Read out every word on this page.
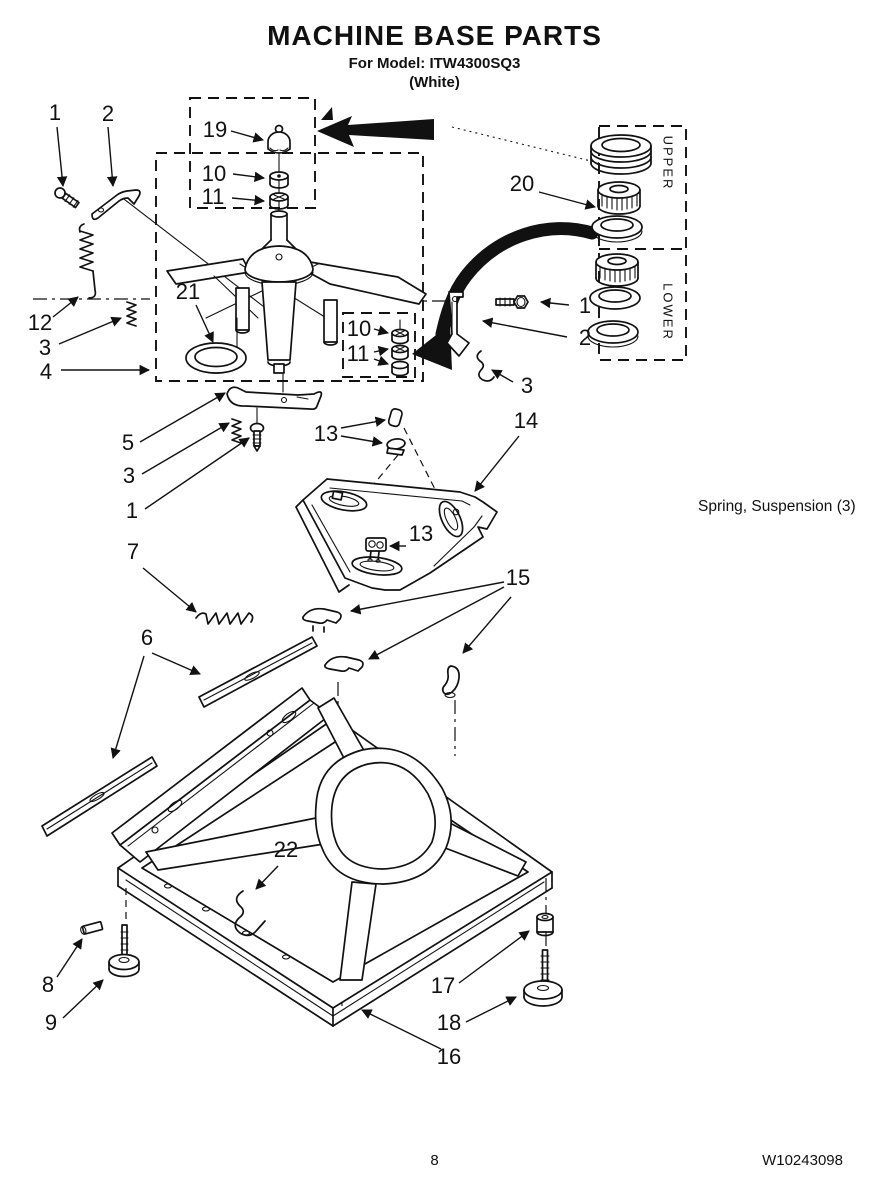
MACHINE BASE PARTS
For Model: ITW4300SQ3
(White)
1 2
19
10
11
20
12
3
4
21
10
11
1
2
3
5
3
1
13
14
13
7
15
6
22
8
9
17
18
16
UPPER
LOWER
Spring, Suspension (3)
8	W10243098
